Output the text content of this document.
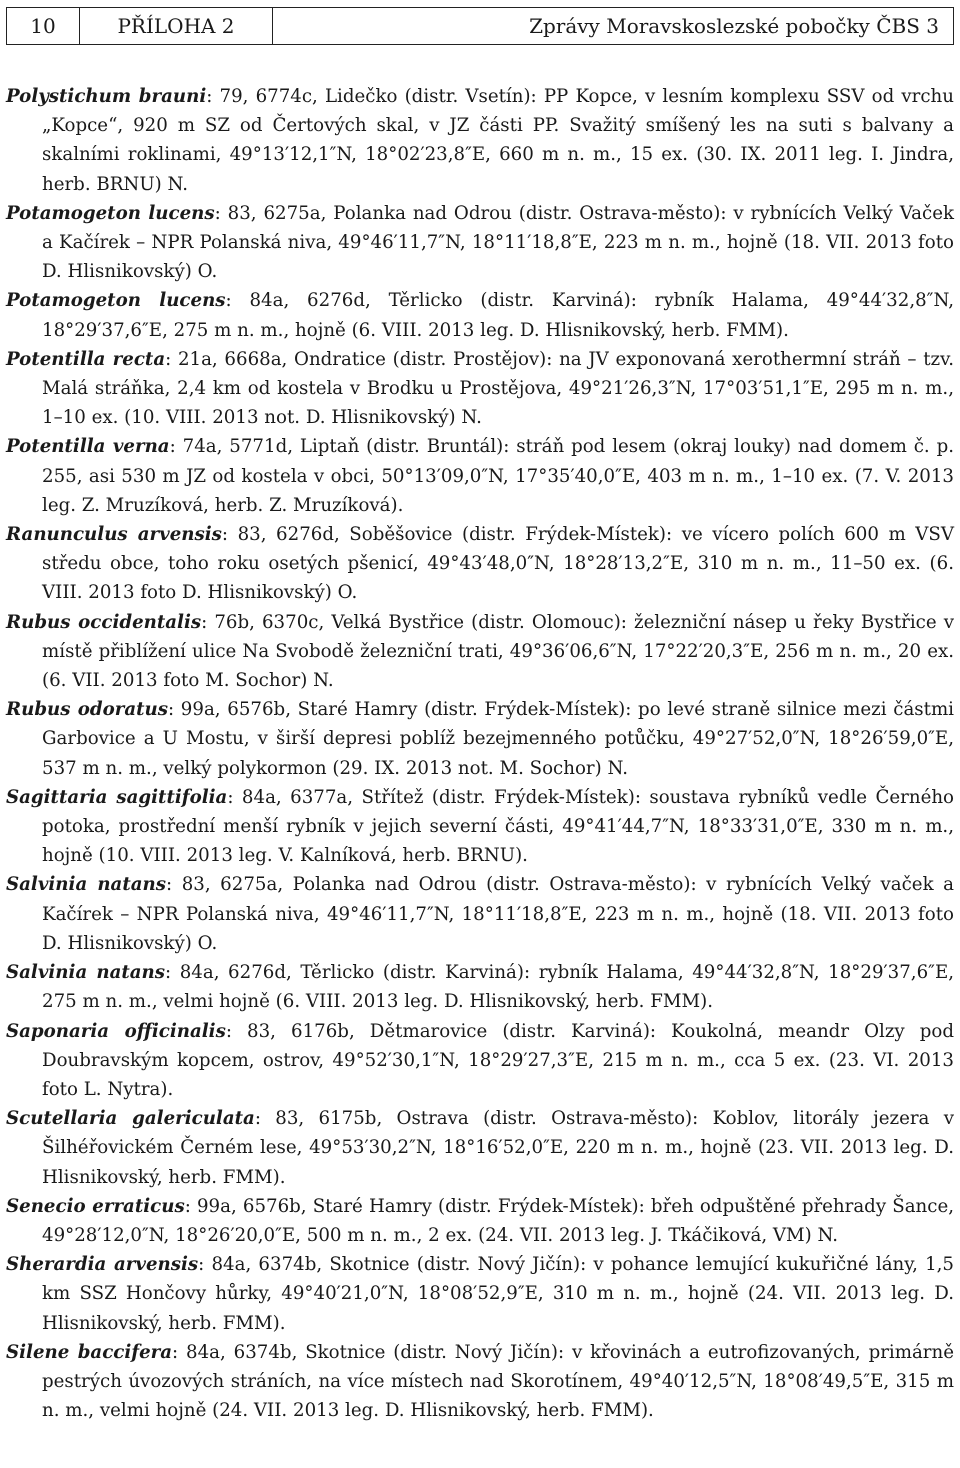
10	PŘÍLOHA 2	Zprávy Moravskoslezské pobočky ČBS 3

Polystichum brauni: 79, 6774c, Lidečko (distr. Vsetín): PP Kopce, v lesním komplexu SSV od vrchu „Kopce“, 920 m SZ od Čertových skal, v JZ části PP. Svažitý smíšený les na suti s balvany a skalními roklinami, 49°13′12,1″N, 18°02′23,8″E, 660 m n. m., 15 ex. (30. IX. 2011 leg. I. Jindra, herb. BRNU) N.

Potamogeton lucens: 83, 6275a, Polanka nad Odrou (distr. Ostrava-město): v rybnících Velký Vaček a Kačírek – NPR Polanská niva, 49°46′11,7″N, 18°11′18,8″E, 223 m n. m., hojně (18. VII. 2013 foto D. Hlisnikovský) O.

Potamogeton lucens: 84a, 6276d, Těrlicko (distr. Karviná): rybník Halama, 49°44′32,8″N, 18°29′37,6″E, 275 m n. m., hojně (6. VIII. 2013 leg. D. Hlisnikovský, herb. FMM).

Potentilla recta: 21a, 6668a, Ondratice (distr. Prostějov): na JV exponovaná xerothermní stráň – tzv. Malá stráňka, 2,4 km od kostela v Brodku u Prostějova, 49°21′26,3″N, 17°03′51,1″E, 295 m n. m., 1–10 ex. (10. VIII. 2013 not. D. Hlisnikovský) N.

Potentilla verna: 74a, 5771d, Liptaň (distr. Bruntál): stráň pod lesem (okraj louky) nad domem č. p. 255, asi 530 m JZ od kostela v obci, 50°13′09,0″N, 17°35′40,0″E, 403 m n. m., 1–10 ex. (7. V. 2013 leg. Z. Mruzíková, herb. Z. Mruzíková).

Ranunculus arvensis: 83, 6276d, Soběšovice (distr. Frýdek-Místek): ve vícero polích 600 m VSV středu obce, toho roku osetých pšenicí, 49°43′48,0″N, 18°28′13,2″E, 310 m n. m., 11–50 ex. (6. VIII. 2013 foto D. Hlisnikovský) O.

Rubus occidentalis: 76b, 6370c, Velká Bystřice (distr. Olomouc): železniční násep u řeky Bystřice v místě přiblížení ulice Na Svobodě železniční trati, 49°36′06,6″N, 17°22′20,3″E, 256 m n. m., 20 ex. (6. VII. 2013 foto M. Sochor) N.

Rubus odoratus: 99a, 6576b, Staré Hamry (distr. Frýdek-Místek): po levé straně silnice mezi částmi Garbovice a U Mostu, v širší depresi poblíž bezejmenného potůčku, 49°27′52,0″N, 18°26′59,0″E, 537 m n. m., velký polykormon (29. IX. 2013 not. M. Sochor) N.

Sagittaria sagittifolia: 84a, 6377a, Střítež (distr. Frýdek-Místek): soustava rybníků vedle Černého potoka, prostřední menší rybník v jejich severní části, 49°41′44,7″N, 18°33′31,0″E, 330 m n. m., hojně (10. VIII. 2013 leg. V. Kalníková, herb. BRNU).

Salvinia natans: 83, 6275a, Polanka nad Odrou (distr. Ostrava-město): v rybnících Velký vaček a Kačírek – NPR Polanská niva, 49°46′11,7″N, 18°11′18,8″E, 223 m n. m., hojně (18. VII. 2013 foto D. Hlisnikovský) O.

Salvinia natans: 84a, 6276d, Těrlicko (distr. Karviná): rybník Halama, 49°44′32,8″N, 18°29′37,6″E, 275 m n. m., velmi hojně (6. VIII. 2013 leg. D. Hlisnikovský, herb. FMM).

Saponaria officinalis: 83, 6176b, Dětmarovice (distr. Karviná): Koukolná, meandr Olzy pod Doubravským kopcem, ostrov, 49°52′30,1″N, 18°29′27,3″E, 215 m n. m., cca 5 ex. (23. VI. 2013 foto L. Nytra).

Scutellaria galericulata: 83, 6175b, Ostrava (distr. Ostrava-město): Koblov, litorály jezera v Šilhéřovickém Černém lese, 49°53′30,2″N, 18°16′52,0″E, 220 m n. m., hojně (23. VII. 2013 leg. D. Hlisnikovský, herb. FMM).

Senecio erraticus: 99a, 6576b, Staré Hamry (distr. Frýdek-Místek): břeh odpuštěné přehrady Šance, 49°28′12,0″N, 18°26′20,0″E, 500 m n. m., 2 ex. (24. VII. 2013 leg. J. Tkáčiková, VM) N.

Sherardia arvensis: 84a, 6374b, Skotnice (distr. Nový Jičín): v pohance lemující kukuřičné lány, 1,5 km SSZ Hončovy hůrky, 49°40′21,0″N, 18°08′52,9″E, 310 m n. m., hojně (24. VII. 2013 leg. D. Hlisnikovský, herb. FMM).

Silene baccifera: 84a, 6374b, Skotnice (distr. Nový Jičín): v křovinách a eutrofizovaných, primárně pestrých úvozových stráních, na více místech nad Skorotínem, 49°40′12,5″N, 18°08′49,5″E, 315 m n. m., velmi hojně (24. VII. 2013 leg. D. Hlisnikovský, herb. FMM).
